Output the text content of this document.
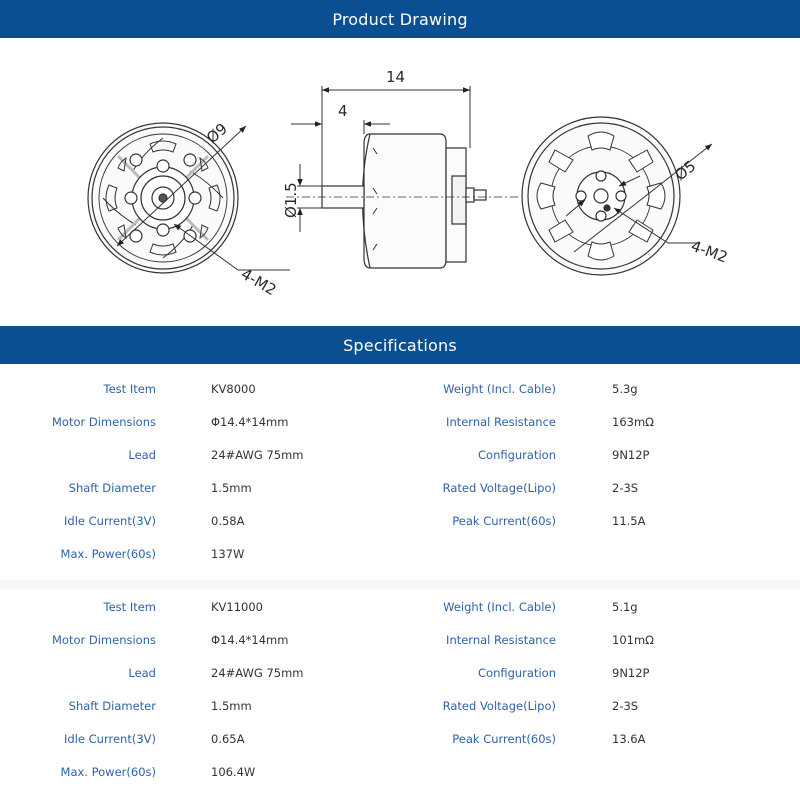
Product Drawing
Ø9
4-M2
14
4
Ø1.5
Ø5
4-M2
Specifications
Test Item	KV8000	Weight (Incl. Cable)	5.3g
Motor Dimensions	Φ14.4*14mm	Internal Resistance	163mΩ
Lead	24#AWG 75mm	Configuration	9N12P
Shaft Diameter	1.5mm	Rated Voltage(Lipo)	2-3S
Idle Current(3V)	0.58A	Peak Current(60s)	11.5A
Max. Power(60s)	137W
Test Item	KV11000	Weight (Incl. Cable)	5.1g
Motor Dimensions	Φ14.4*14mm	Internal Resistance	101mΩ
Lead	24#AWG 75mm	Configuration	9N12P
Shaft Diameter	1.5mm	Rated Voltage(Lipo)	2-3S
Idle Current(3V)	0.65A	Peak Current(60s)	13.6A
Max. Power(60s)	106.4W
